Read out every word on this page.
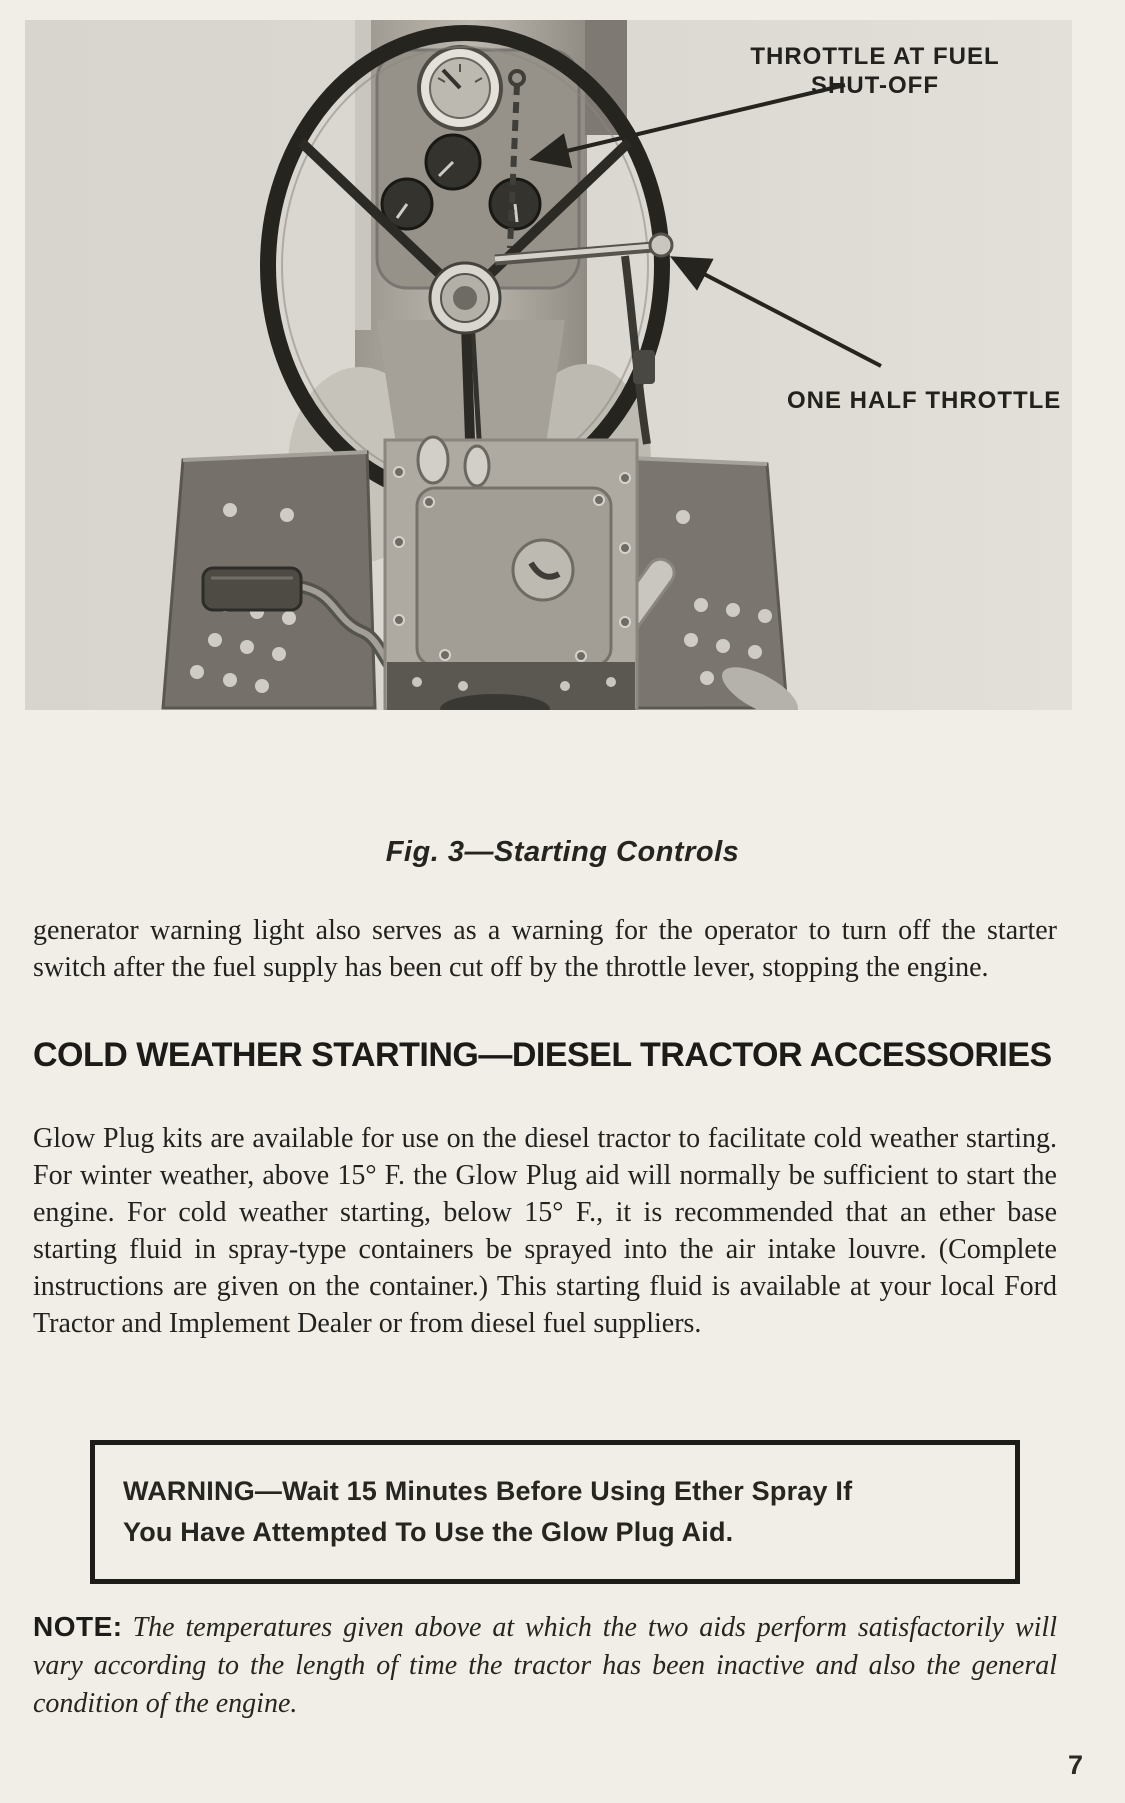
THROTTLE AT FUEL
SHUT-OFF
ONE HALF THROTTLE
Fig. 3—Starting Controls

generator warning light also serves as a warning for the operator to turn off the starter switch after the fuel supply has been cut off by the throttle lever, stopping the engine.

COLD WEATHER STARTING—DIESEL TRACTOR ACCESSORIES

Glow Plug kits are available for use on the diesel tractor to facilitate cold weather starting. For winter weather, above 15° F. the Glow Plug aid will normally be sufficient to start the engine. For cold weather starting, below 15° F., it is recommended that an ether base starting fluid in spray-type containers be sprayed into the air intake louvre. (Complete instructions are given on the container.) This starting fluid is available at your local Ford Tractor and Implement Dealer or from diesel fuel suppliers.

WARNING—Wait 15 Minutes Before Using Ether Spray If

You Have Attempted To Use the Glow Plug Aid.

NOTE: The temperatures given above at which the two aids perform satisfactorily will vary according to the length of time the tractor has been inactive and also the general condition of the engine.

7
